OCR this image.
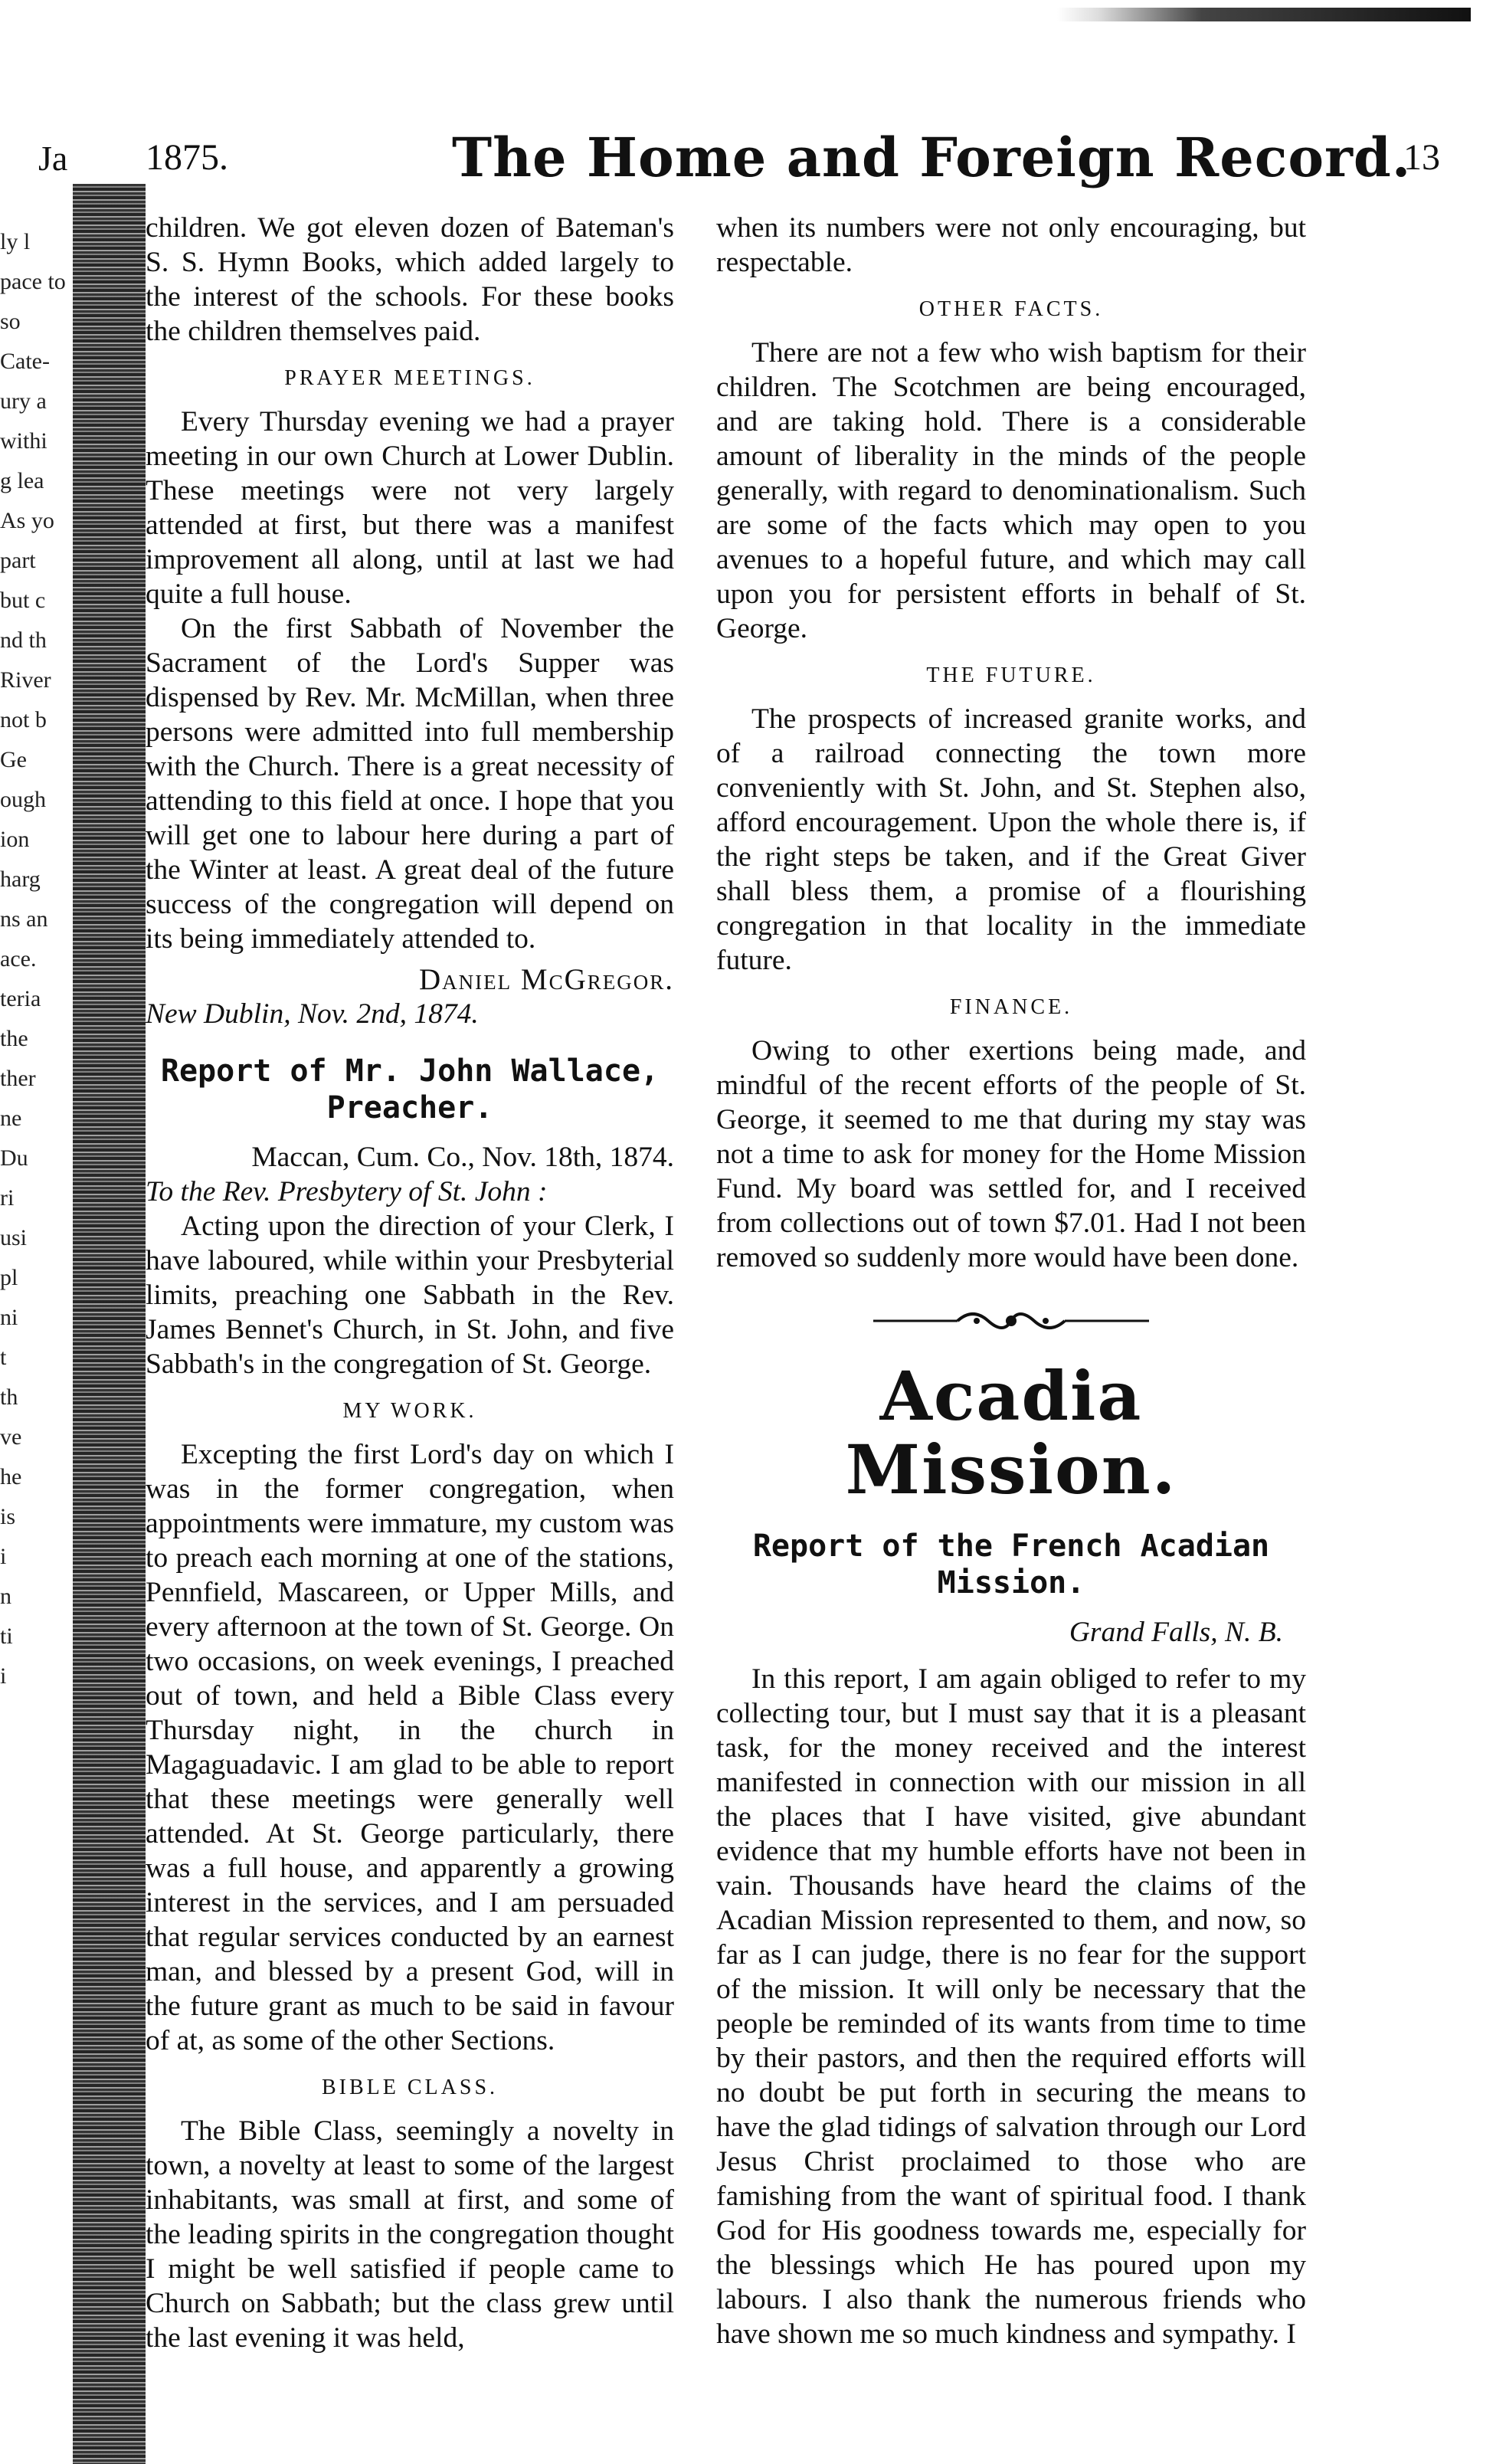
ly l
pace to
so
Cate-
ury a
withi
g lea
As yo
part
but c
nd th
River
not b
Ge
ough
ion
harg
ns an
ace.
teria
the
ther
ne
Du
ri
usi
pl
ni
t
th
ve
he
is
i
n
ti
i
Ja 1875.	The Home and Foreign Record.
13

children. We got eleven dozen of Bateman's S. S. Hymn Books, which added largely to the interest of the schools. For these books the children themselves paid.

PRAYER MEETINGS.

Every Thursday evening we had a prayer meeting in our own Church at Lower Dublin. These meetings were not very largely attended at first, but there was a manifest improvement all along, until at last we had quite a full house.

On the first Sabbath of November the Sacrament of the Lord's Supper was dispensed by Rev. Mr. McMillan, when three persons were admitted into full membership with the Church. There is a great necessity of attending to this field at once. I hope that you will get one to labour here during a part of the Winter at least. A great deal of the future success of the congregation will depend on its being immediately attended to.

Daniel McGregor.

New Dublin, Nov. 2nd, 1874.

Report of Mr. John Wallace, Preacher.

Maccan, Cum. Co., Nov. 18th, 1874.

To the Rev. Presbytery of St. John :

Acting upon the direction of your Clerk, I have laboured, while within your Presbyterial limits, preaching one Sabbath in the Rev. James Bennet's Church, in St. John, and five Sabbath's in the congregation of St. George.

MY WORK.

Excepting the first Lord's day on which I was in the former congregation, when appointments were immature, my custom was to preach each morning at one of the stations, Pennfield, Mascareen, or Upper Mills, and every afternoon at the town of St. George. On two occasions, on week evenings, I preached out of town, and held a Bible Class every Thursday night, in the church in Magaguadavic. I am glad to be able to report that these meetings were generally well attended. At St. George particularly, there was a full house, and apparently a growing interest in the services, and I am persuaded that regular services conducted by an earnest man, and blessed by a present God, will in the future grant as much to be said in favour of at, as some of the other Sections.

BIBLE CLASS.

The Bible Class, seemingly a novelty in town, a novelty at least to some of the largest inhabitants, was small at first, and some of the leading spirits in the congregation thought I might be well satisfied if people came to Church on Sabbath; but the class grew until the last evening it was held,

when its numbers were not only encouraging, but respectable.

OTHER FACTS.

There are not a few who wish baptism for their children. The Scotchmen are being encouraged, and are taking hold. There is a considerable amount of liberality in the minds of the people generally, with regard to denominationalism. Such are some of the facts which may open to you avenues to a hopeful future, and which may call upon you for persistent efforts in behalf of St. George.

THE FUTURE.

The prospects of increased granite works, and of a railroad connecting the town more conveniently with St. John, and St. Stephen also, afford encouragement. Upon the whole there is, if the right steps be taken, and if the Great Giver shall bless them, a promise of a flourishing congregation in that locality in the immediate future.

FINANCE.

Owing to other exertions being made, and mindful of the recent efforts of the people of St. George, it seemed to me that during my stay was not a time to ask for money for the Home Mission Fund. My board was settled for, and I received from collections out of town $7.01. Had I not been removed so suddenly more would have been done.

Acadia Mission.
Report of the French Acadian Mission.
Grand Falls, N. B.

In this report, I am again obliged to refer to my collecting tour, but I must say that it is a pleasant task, for the money received and the interest manifested in connection with our mission in all the places that I have visited, give abundant evidence that my humble efforts have not been in vain. Thousands have heard the claims of the Acadian Mission represented to them, and now, so far as I can judge, there is no fear for the support of the mission. It will only be necessary that the people be reminded of its wants from time to time by their pastors, and then the required efforts will no doubt be put forth in securing the means to have the glad tidings of salvation through our Lord Jesus Christ proclaimed to those who are famishing from the want of spiritual food. I thank God for His goodness towards me, especially for the blessings which He has poured upon my labours. I also thank the numerous friends who have shown me so much kindness and sympathy. I
